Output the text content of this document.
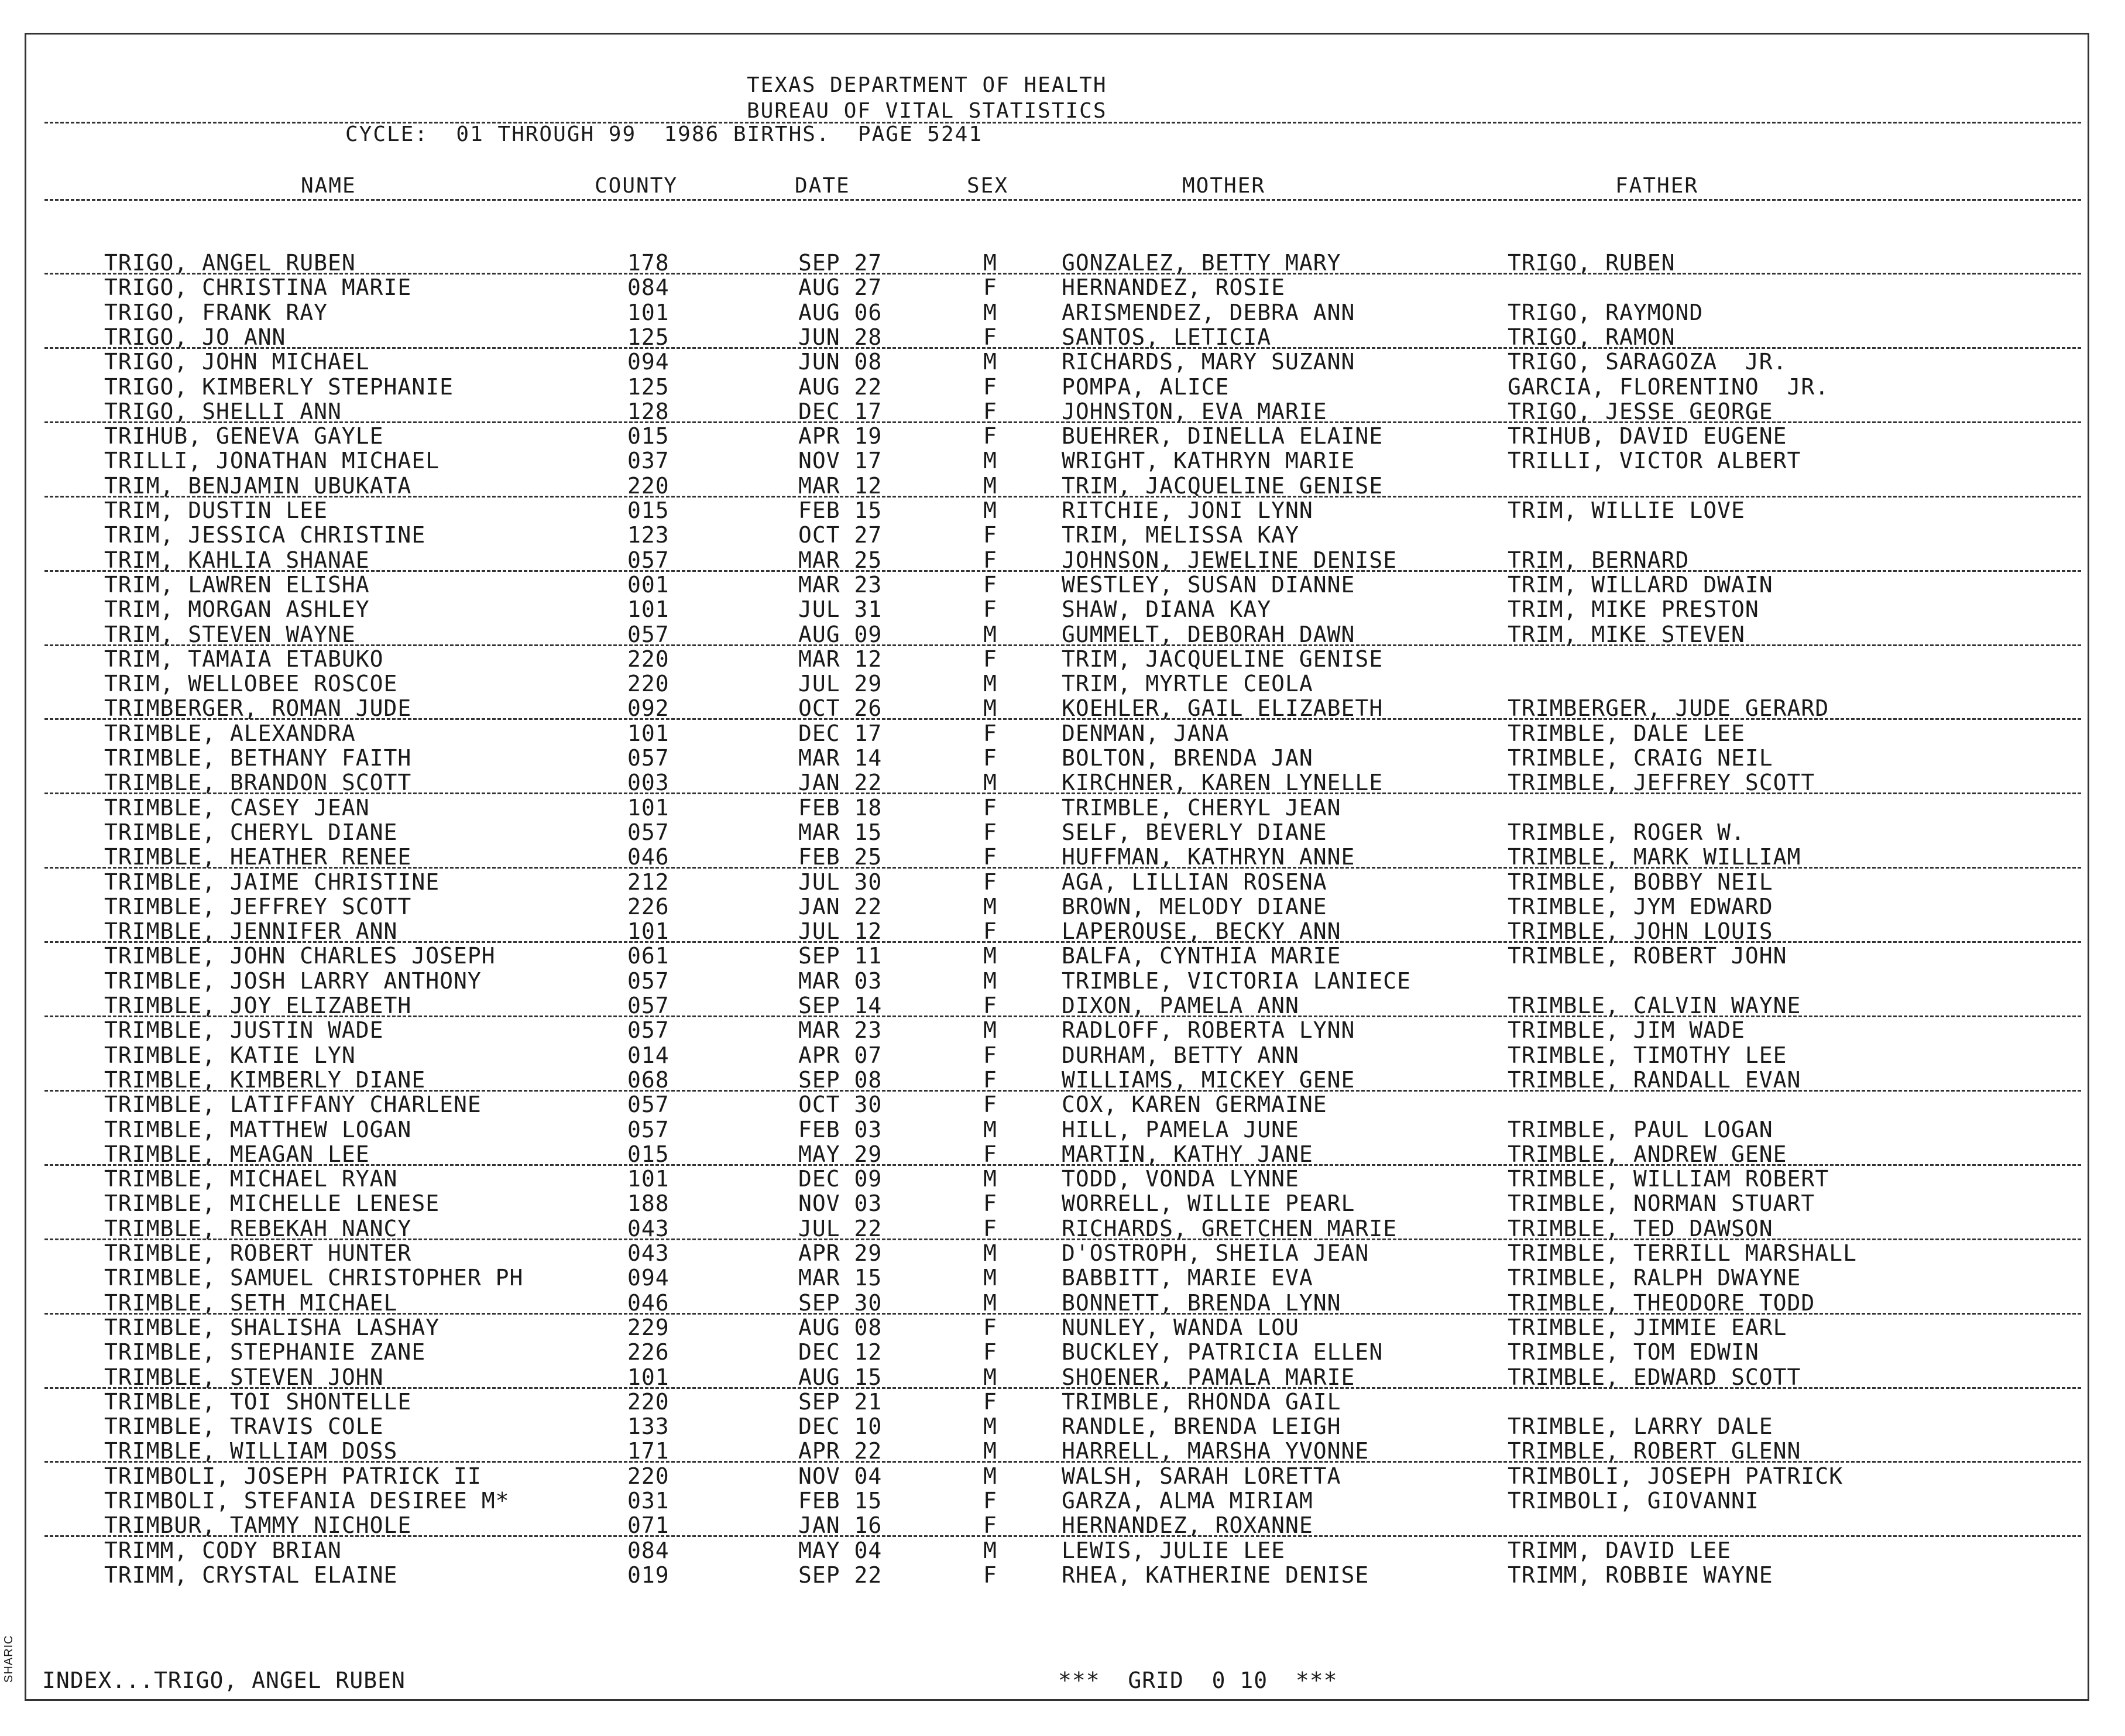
TEXAS DEPARTMENT OF HEALTH
BUREAU OF VITAL STATISTICS
CYCLE:  01 THROUGH 99  1986 BIRTHS.  PAGE 5241
NAME	COUNTY	DATE	SEX	MOTHER	FATHER
TRIGO, ANGEL RUBEN	178	SEP 27	M	GONZALEZ, BETTY MARY	TRIGO, RUBEN
TRIGO, CHRISTINA MARIE	084	AUG 27	F	HERNANDEZ, ROSIE
TRIGO, FRANK RAY	101	AUG 06	M	ARISMENDEZ, DEBRA ANN	TRIGO, RAYMOND
TRIGO, JO ANN	125	JUN 28	F	SANTOS, LETICIA	TRIGO, RAMON
TRIGO, JOHN MICHAEL	094	JUN 08	M	RICHARDS, MARY SUZANN	TRIGO, SARAGOZA  JR.
TRIGO, KIMBERLY STEPHANIE	125	AUG 22	F	POMPA, ALICE	GARCIA, FLORENTINO  JR.
TRIGO, SHELLI ANN	128	DEC 17	F	JOHNSTON, EVA MARIE	TRIGO, JESSE GEORGE
TRIHUB, GENEVA GAYLE	015	APR 19	F	BUEHRER, DINELLA ELAINE	TRIHUB, DAVID EUGENE
TRILLI, JONATHAN MICHAEL	037	NOV 17	M	WRIGHT, KATHRYN MARIE	TRILLI, VICTOR ALBERT
TRIM, BENJAMIN UBUKATA	220	MAR 12	M	TRIM, JACQUELINE GENISE
TRIM, DUSTIN LEE	015	FEB 15	M	RITCHIE, JONI LYNN	TRIM, WILLIE LOVE
TRIM, JESSICA CHRISTINE	123	OCT 27	F	TRIM, MELISSA KAY
TRIM, KAHLIA SHANAE	057	MAR 25	F	JOHNSON, JEWELINE DENISE	TRIM, BERNARD
TRIM, LAWREN ELISHA	001	MAR 23	F	WESTLEY, SUSAN DIANNE	TRIM, WILLARD DWAIN
TRIM, MORGAN ASHLEY	101	JUL 31	F	SHAW, DIANA KAY	TRIM, MIKE PRESTON
TRIM, STEVEN WAYNE	057	AUG 09	M	GUMMELT, DEBORAH DAWN	TRIM, MIKE STEVEN
TRIM, TAMAIA ETABUKO	220	MAR 12	F	TRIM, JACQUELINE GENISE
TRIM, WELLOBEE ROSCOE	220	JUL 29	M	TRIM, MYRTLE CEOLA
TRIMBERGER, ROMAN JUDE	092	OCT 26	M	KOEHLER, GAIL ELIZABETH	TRIMBERGER, JUDE GERARD
TRIMBLE, ALEXANDRA	101	DEC 17	F	DENMAN, JANA	TRIMBLE, DALE LEE
TRIMBLE, BETHANY FAITH	057	MAR 14	F	BOLTON, BRENDA JAN	TRIMBLE, CRAIG NEIL
TRIMBLE, BRANDON SCOTT	003	JAN 22	M	KIRCHNER, KAREN LYNELLE	TRIMBLE, JEFFREY SCOTT
TRIMBLE, CASEY JEAN	101	FEB 18	F	TRIMBLE, CHERYL JEAN
TRIMBLE, CHERYL DIANE	057	MAR 15	F	SELF, BEVERLY DIANE	TRIMBLE, ROGER W.
TRIMBLE, HEATHER RENEE	046	FEB 25	F	HUFFMAN, KATHRYN ANNE	TRIMBLE, MARK WILLIAM
TRIMBLE, JAIME CHRISTINE	212	JUL 30	F	AGA, LILLIAN ROSENA	TRIMBLE, BOBBY NEIL
TRIMBLE, JEFFREY SCOTT	226	JAN 22	M	BROWN, MELODY DIANE	TRIMBLE, JYM EDWARD
TRIMBLE, JENNIFER ANN	101	JUL 12	F	LAPEROUSE, BECKY ANN	TRIMBLE, JOHN LOUIS
TRIMBLE, JOHN CHARLES JOSEPH	061	SEP 11	M	BALFA, CYNTHIA MARIE	TRIMBLE, ROBERT JOHN
TRIMBLE, JOSH LARRY ANTHONY	057	MAR 03	M	TRIMBLE, VICTORIA LANIECE
TRIMBLE, JOY ELIZABETH	057	SEP 14	F	DIXON, PAMELA ANN	TRIMBLE, CALVIN WAYNE
TRIMBLE, JUSTIN WADE	057	MAR 23	M	RADLOFF, ROBERTA LYNN	TRIMBLE, JIM WADE
TRIMBLE, KATIE LYN	014	APR 07	F	DURHAM, BETTY ANN	TRIMBLE, TIMOTHY LEE
TRIMBLE, KIMBERLY DIANE	068	SEP 08	F	WILLIAMS, MICKEY GENE	TRIMBLE, RANDALL EVAN
TRIMBLE, LATIFFANY CHARLENE	057	OCT 30	F	COX, KAREN GERMAINE
TRIMBLE, MATTHEW LOGAN	057	FEB 03	M	HILL, PAMELA JUNE	TRIMBLE, PAUL LOGAN
TRIMBLE, MEAGAN LEE	015	MAY 29	F	MARTIN, KATHY JANE	TRIMBLE, ANDREW GENE
TRIMBLE, MICHAEL RYAN	101	DEC 09	M	TODD, VONDA LYNNE	TRIMBLE, WILLIAM ROBERT
TRIMBLE, MICHELLE LENESE	188	NOV 03	F	WORRELL, WILLIE PEARL	TRIMBLE, NORMAN STUART
TRIMBLE, REBEKAH NANCY	043	JUL 22	F	RICHARDS, GRETCHEN MARIE	TRIMBLE, TED DAWSON
TRIMBLE, ROBERT HUNTER	043	APR 29	M	D'OSTROPH, SHEILA JEAN	TRIMBLE, TERRILL MARSHALL
TRIMBLE, SAMUEL CHRISTOPHER PH	094	MAR 15	M	BABBITT, MARIE EVA	TRIMBLE, RALPH DWAYNE
TRIMBLE, SETH MICHAEL	046	SEP 30	M	BONNETT, BRENDA LYNN	TRIMBLE, THEODORE TODD
TRIMBLE, SHALISHA LASHAY	229	AUG 08	F	NUNLEY, WANDA LOU	TRIMBLE, JIMMIE EARL
TRIMBLE, STEPHANIE ZANE	226	DEC 12	F	BUCKLEY, PATRICIA ELLEN	TRIMBLE, TOM EDWIN
TRIMBLE, STEVEN JOHN	101	AUG 15	M	SHOENER, PAMALA MARIE	TRIMBLE, EDWARD SCOTT
TRIMBLE, TOI SHONTELLE	220	SEP 21	F	TRIMBLE, RHONDA GAIL
TRIMBLE, TRAVIS COLE	133	DEC 10	M	RANDLE, BRENDA LEIGH	TRIMBLE, LARRY DALE
TRIMBLE, WILLIAM DOSS	171	APR 22	M	HARRELL, MARSHA YVONNE	TRIMBLE, ROBERT GLENN
TRIMBOLI, JOSEPH PATRICK II	220	NOV 04	M	WALSH, SARAH LORETTA	TRIMBOLI, JOSEPH PATRICK
TRIMBOLI, STEFANIA DESIREE M*	031	FEB 15	F	GARZA, ALMA MIRIAM	TRIMBOLI, GIOVANNI
TRIMBUR, TAMMY NICHOLE	071	JAN 16	F	HERNANDEZ, ROXANNE
TRIMM, CODY BRIAN	084	MAY 04	M	LEWIS, JULIE LEE	TRIMM, DAVID LEE
TRIMM, CRYSTAL ELAINE	019	SEP 22	F	RHEA, KATHERINE DENISE	TRIMM, ROBBIE WAYNE
INDEX...TRIGO, ANGEL RUBEN	***  GRID  0 10  ***
SHARIC
